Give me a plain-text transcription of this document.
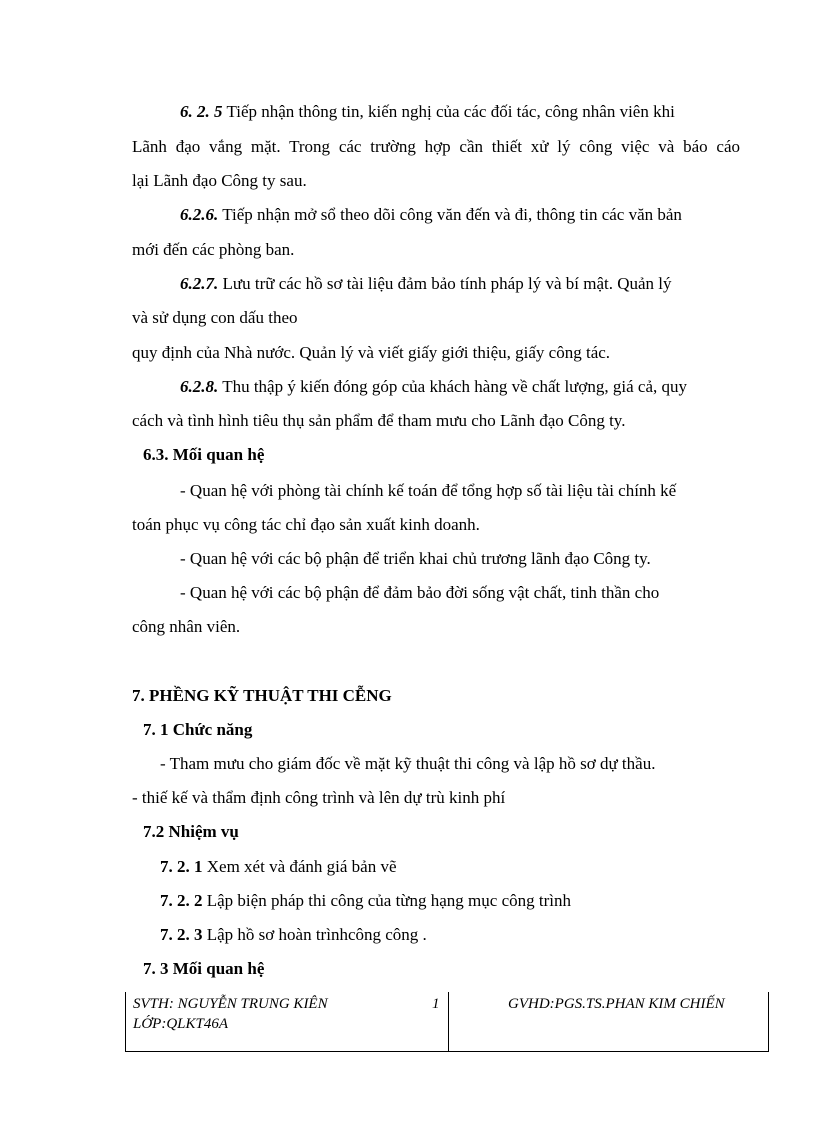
6. 2. 5 Tiếp nhận thông tin, kiến nghị của các đối tác, công nhân viên khi
Lãnh đạo vắng mặt. Trong các trường hợp cần thiết xử lý công việc và báo cáo
lại Lãnh đạo Công ty sau.
6.2.6. Tiếp nhận mở sổ theo dõi công văn đến và đi, thông tin các văn bản
mới đến các phòng ban.
6.2.7. Lưu trữ các hồ sơ tài liệu đảm bảo tính pháp lý và bí mật. Quản lý
và sử dụng con dấu theo
quy định của Nhà nước. Quản lý và viết giấy giới thiệu, giấy công tác.
6.2.8. Thu thập ý kiến đóng góp của khách hàng về chất lượng, giá cả, quy
cách và tình hình tiêu thụ sản phẩm để tham mưu cho Lãnh đạo Công ty.
6.3. Mối quan hệ
- Quan hệ với phòng tài chính kế toán để tổng hợp số tài liệu tài chính kế
toán phục vụ công tác chỉ đạo sản xuất kinh doanh.
- Quan hệ với các bộ phận để triển khai chủ trương lãnh đạo Công ty.
- Quan hệ với các bộ phận để đảm bảo đời sống vật chất, tinh thần cho
công nhân viên.
7. PHỀNG KỸ THUẬT THI CỄNG
7. 1 Chức năng
- Tham mưu cho giám đốc về mặt kỹ thuật thi công và lập hồ sơ dự thầu.
- thiế kế và thẩm định công trình và lên dự trù kinh phí
7.2 Nhiệm vụ
7. 2. 1 Xem xét và đánh giá bản vẽ
7. 2. 2 Lập biện pháp thi công của từng hạng mục công trình
7. 2. 3 Lập hồ sơ hoàn trìnhcông công .
7. 3 Mối quan hệ
SVTH: NGUYỄN TRUNG KIÊN
LỚP:QLKT46A
1	GVHD:PGS.TS.PHAN KIM CHIẾN
